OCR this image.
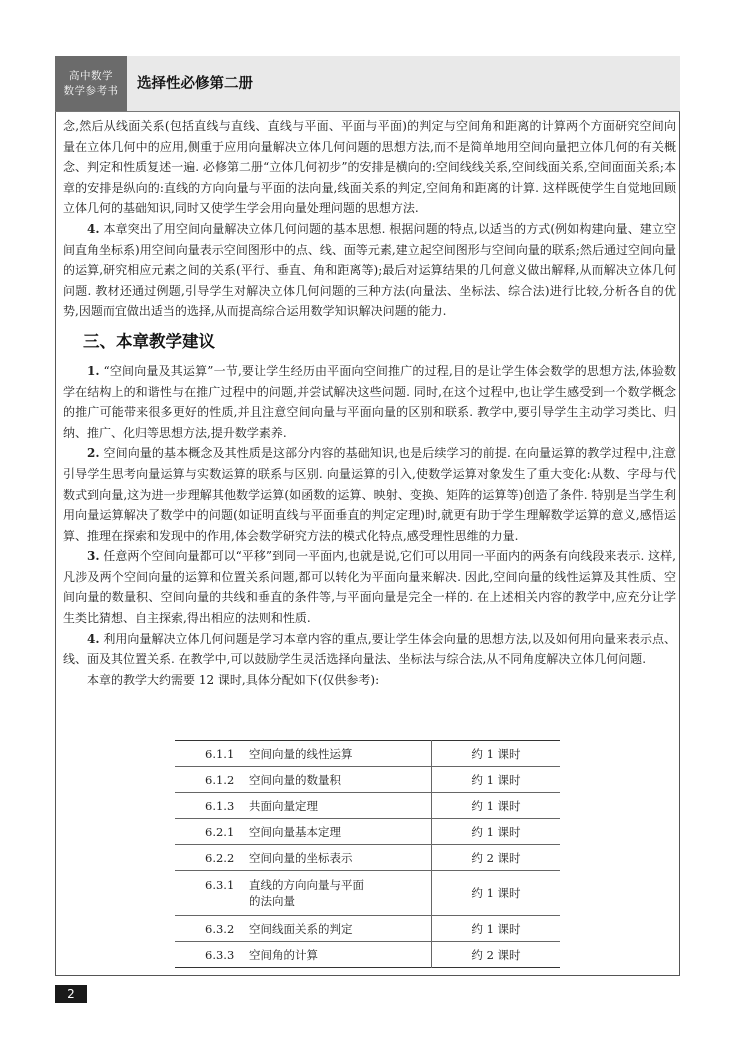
高中数学
数学参考书 选择性必修第二册

念,然后从线面关系(包括直线与直线、直线与平面、平面与平面)的判定与空间角和距离的计算两个方面研究空间向量在立体几何中的应用,侧重于应用向量解决立体几何问题的思想方法,而不是简单地用空间向量把立体几何的有关概念、判定和性质复述一遍. 必修第二册“立体几何初步”的安排是横向的:空间线线关系,空间线面关系,空间面面关系;本章的安排是纵向的:直线的方向向量与平面的法向量,线面关系的判定,空间角和距离的计算. 这样既使学生自觉地回顾立体几何的基础知识,同时又使学生学会用向量处理问题的思想方法.

4. 本章突出了用空间向量解决立体几何问题的基本思想. 根据问题的特点,以适当的方式(例如构建向量、建立空间直角坐标系)用空间向量表示空间图形中的点、线、面等元素,建立起空间图形与空间向量的联系;然后通过空间向量的运算,研究相应元素之间的关系(平行、垂直、角和距离等);最后对运算结果的几何意义做出解释,从而解决立体几何问题. 教材还通过例题,引导学生对解决立体几何问题的三种方法(向量法、坐标法、综合法)进行比较,分析各自的优势,因题而宜做出适当的选择,从而提高综合运用数学知识解决问题的能力.

三、本章教学建议

1. “空间向量及其运算”一节,要让学生经历由平面向空间推广的过程,目的是让学生体会数学的思想方法,体验数学在结构上的和谐性与在推广过程中的问题,并尝试解决这些问题. 同时,在这个过程中,也让学生感受到一个数学概念的推广可能带来很多更好的性质,并且注意空间向量与平面向量的区别和联系. 教学中,要引导学生主动学习类比、归纳、推广、化归等思想方法,提升数学素养.

2. 空间向量的基本概念及其性质是这部分内容的基础知识,也是后续学习的前提. 在向量运算的教学过程中,注意引导学生思考向量运算与实数运算的联系与区别. 向量运算的引入,使数学运算对象发生了重大变化:从数、字母与代数式到向量,这为进一步理解其他数学运算(如函数的运算、映射、变换、矩阵的运算等)创造了条件. 特别是当学生利用向量运算解决了数学中的问题(如证明直线与平面垂直的判定定理)时,就更有助于学生理解数学运算的意义,感悟运算、推理在探索和发现中的作用,体会数学研究方法的模式化特点,感受理性思维的力量.

3. 任意两个空间向量都可以“平移”到同一平面内,也就是说,它们可以用同一平面内的两条有向线段来表示. 这样,凡涉及两个空间向量的运算和位置关系问题,都可以转化为平面向量来解决. 因此,空间向量的线性运算及其性质、空间向量的数量积、空间向量的共线和垂直的条件等,与平面向量是完全一样的. 在上述相关内容的教学中,应充分让学生类比猜想、自主探索,得出相应的法则和性质.

4. 利用向量解决立体几何问题是学习本章内容的重点,要让学生体会向量的思想方法,以及如何用向量来表示点、线、面及其位置关系. 在教学中,可以鼓励学生灵活选择向量法、坐标法与综合法,从不同角度解决立体几何问题.

本章的教学大约需要 12 课时,具体分配如下(仅供参考):

6.1.1 空间向量的线性运算	约 1 课时
6.1.2 空间向量的数量积	约 1 课时
6.1.3 共面向量定理	约 1 课时
6.2.1 空间向量基本定理	约 1 课时
6.2.2 空间向量的坐标表示	约 2 课时
6.3.1 直线的方向向量与平面
的法向量	约 1 课时
6.3.2 空间线面关系的判定	约 1 课时
6.3.3 空间角的计算	约 2 课时
2
